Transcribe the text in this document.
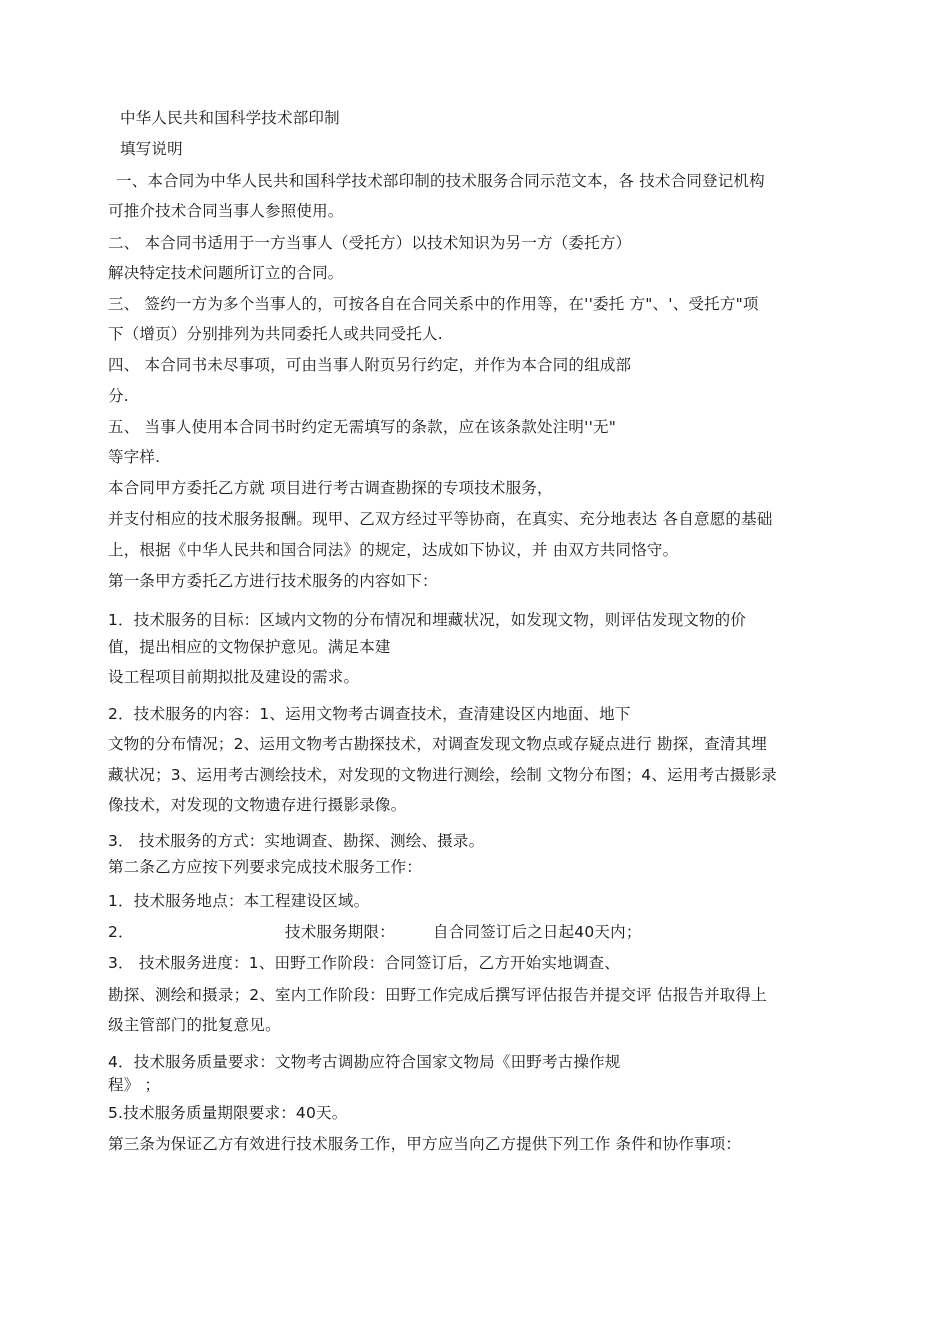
中华人民共和国科学技术部印制
填写说明
一、本合同为中华人民共和国科学技术部印制的技术服务合同示范文本，各 技术合同登记机构
可推介技术合同当事人参照使用。
二、 本合同书适用于一方当事人（受托方）以技术知识为另一方（委托方）
解决特定技术问题所订立的合同。
三、 签约一方为多个当事人的，可按各自在合同关系中的作用等，在''委托 方"、'、受托方"项
下（增页）分别排列为共同委托人或共同受托人.
四、 本合同书未尽事项，可由当事人附页另行约定，并作为本合同的组成部
分.
五、 当事人使用本合同书时约定无需填写的条款，应在该条款处注明''无"
等字样.
本合同甲方委托乙方就 项目进行考古调查勘探的专项技术服务，
并支付相应的技术服务报酬。现甲、乙双方经过平等协商，在真实、充分地表达 各自意愿的基础
上，根据《中华人民共和国合同法》的规定，达成如下协议，并 由双方共同恪守。
第一条甲方委托乙方进行技术服务的内容如下：
1．技术服务的目标：区域内文物的分布情况和埋藏状况，如发现文物，则评估发现文物的价
值，提出相应的文物保护意见。满足本建
设工程项目前期拟批及建设的需求。
2．技术服务的内容：1、运用文物考古调查技术，查清建设区内地面、地下
文物的分布情况；2、运用文物考古勘探技术，对调查发现文物点或存疑点进行 勘探，查清其埋
藏状况；3、运用考古测绘技术，对发现的文物进行测绘，绘制 文物分布图；4、运用考古摄影录
像技术，对发现的文物遗存进行摄影录像。
3． 技术服务的方式：实地调查、勘探、测绘、摄录。
第二条乙方应按下列要求完成技术服务工作：
1．技术服务地点：本工程建设区域。
2．	技术服务期限： 自合同签订后之日起40天内；
3． 技术服务进度：1、田野工作阶段：合同签订后，乙方开始实地调查、
勘探、测绘和摄录；2、室内工作阶段：田野工作完成后撰写评估报告并提交评 估报告并取得上
级主管部门的批复意见。
4．技术服务质量要求：文物考古调勘应符合国家文物局《田野考古操作规
程》 ；
5.技术服务质量期限要求：40天。
第三条为保证乙方有效进行技术服务工作，甲方应当向乙方提供下列工作 条件和协作事项：
